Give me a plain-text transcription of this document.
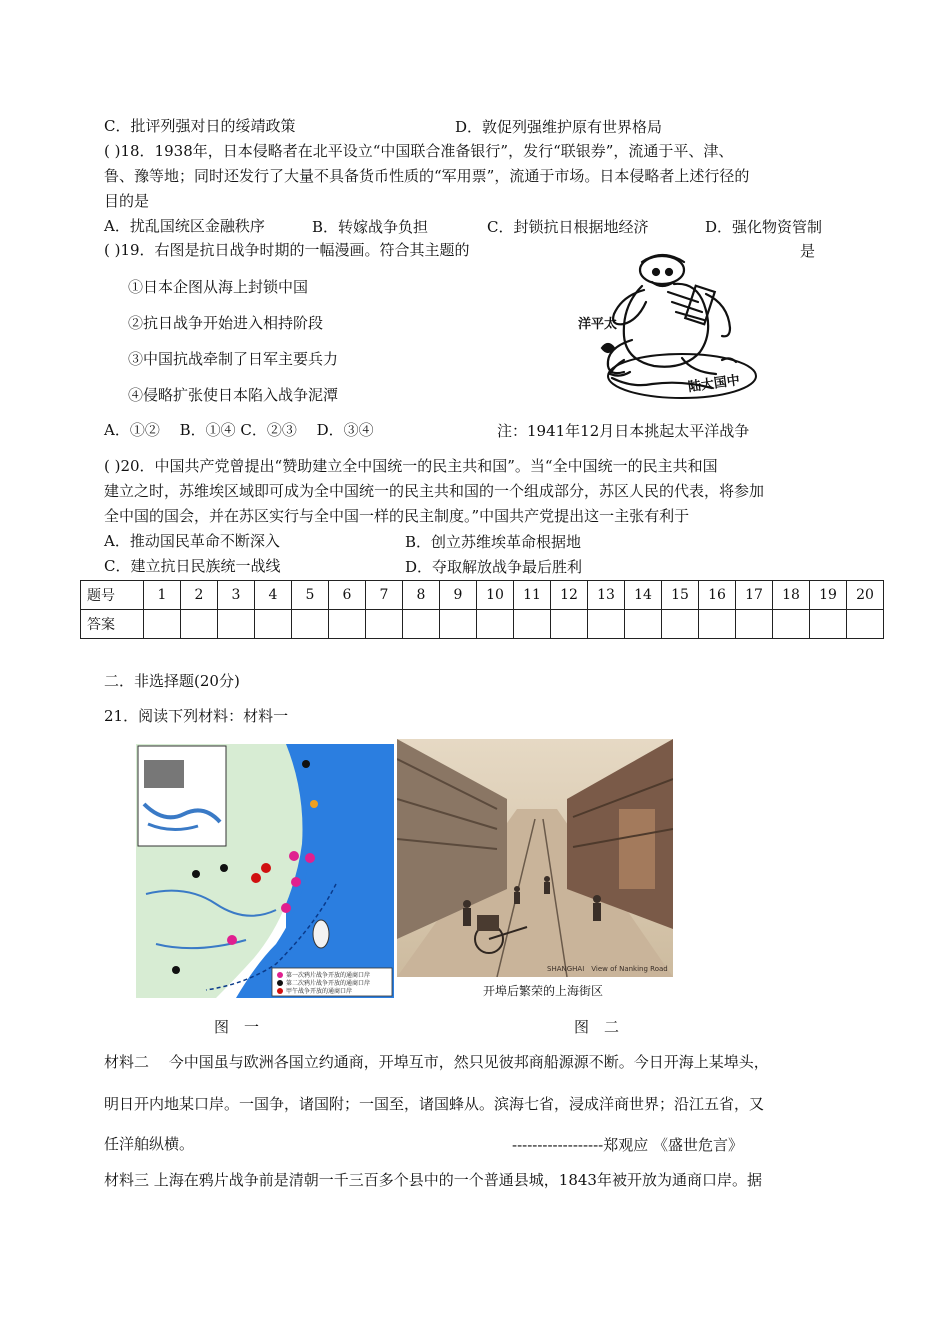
C．批评列强对日的绥靖政策	D．敦促列强维护原有世界格局
( )18．1938年，日本侵略者在北平设立“中国联合准备银行”，发行“联银券”，流通于平、津、
鲁、豫等地；同时还发行了大量不具备货币性质的“军用票”，流通于市场。日本侵略者上述行径的
目的是
A．扰乱国统区金融秩序	B．转嫁战争负担	C．封锁抗日根据地经济	D．强化物资管制
( )19．右图是抗日战争时期的一幅漫画。符合其主题的	是
①日本企图从海上封锁中国
②抗日战争开始进入相持阶段
③中国抗战牵制了日军主要兵力
④侵略扩张使日本陷入战争泥潭
A．①②　 B．①④ C．②③　 D．③④	注：1941年12月日本挑起太平洋战争
洋平太
陆大国中
( )20．中国共产党曾提出“赞助建立全中国统一的民主共和国”。当“全中国统一的民主共和国
建立之时，苏维埃区域即可成为全中国统一的民主共和国的一个组成部分，苏区人民的代表，将参加
全中国的国会，并在苏区实行与全中国一样的民主制度。”中国共产党提出这一主张有利于
A．推动国民革命不断深入	B．创立苏维埃革命根据地
C．建立抗日民族统一战线	D．夺取解放战争最后胜利
题号	1	2	3	4	5	6	7	8	9	10	11	12	13	14	15	16	17	18	19	20
答案																				
二．非选择题(20分)
21．阅读下列材料：材料一
第一次鸦片战争开放的通商口岸
第二次鸦片战争开放的通商口岸
甲午战争开放的通商口岸
SHANGHAI　View of Nanking Road
开埠后繁荣的上海街区
图　一	图　二
材料二　 今中国虽与欧洲各国立约通商，开埠互市，然只见彼邦商船源源不断。今日开海上某埠头，
明日开内地某口岸。一国争，诸国附；一国至，诸国蜂从。滨海七省，浸成洋商世界；沿江五省，又
任洋舶纵横。	------------------郑观应 《盛世危言》
材料三 上海在鸦片战争前是清朝一千三百多个县中的一个普通县城，1843年被开放为通商口岸。据
